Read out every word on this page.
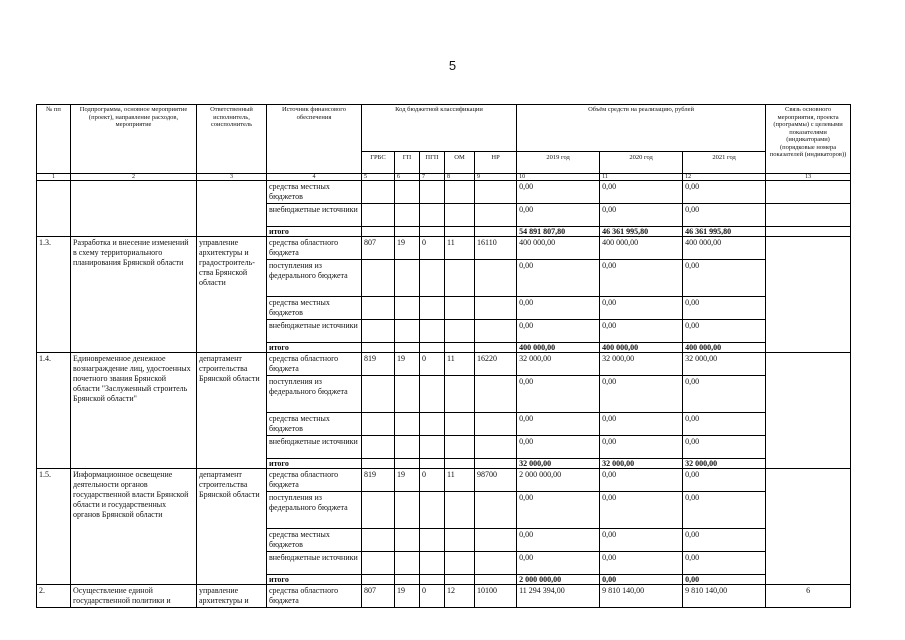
5
№ пп	Подпрограмма, основное мероприятие (проект), направление расходов, мероприятие	Ответственный исполнитель, соисполнитель	Источник финансового обеспечения	Код бюджетной классификации					Объём средств на реализацию, рублей			Связь основного мероприятия, проекта (программы) с целевыми показателями (индикаторами) (порядковые номера показателей (индикаторов))
				ГРБС	ГП	ПГП	ОМ	НР	2019 год	2020 год	2021 год	
1	2	3	4	5	6	7	8	9	10	11	12	13
			средства местных бюджетов						0,00	0,00	0,00	
			внебюджетные источники						0,00	0,00	0,00	
			итого						54 891 807,80	46 361 995,80	46 361 995,80	
1.3.	Разработка и внесение изменений в схему территориального планирования Брянской области	управление архитектуры и градостроитель-ства Брянской области	средства областного бюджета	807	19	0	11	16110	400 000,00	400 000,00	400 000,00	
			поступления из федерального бюджета						0,00	0,00	0,00	
			средства местных бюджетов						0,00	0,00	0,00	
			внебюджетные источники						0,00	0,00	0,00	
			итого						400 000,00	400 000,00	400 000,00	
1.4.	Единовременное денежное вознаграждение лиц, удостоенных почетного звания Брянской области "Заслуженный строитель Брянской области"	департамент строительства Брянской области	средства областного бюджета	819	19	0	11	16220	32 000,00	32 000,00	32 000,00	
			поступления из федерального бюджета						0,00	0,00	0,00	
			средства местных бюджетов						0,00	0,00	0,00	
			внебюджетные источники						0,00	0,00	0,00	
			итого						32 000,00	32 000,00	32 000,00	
1.5.	Информационное освещение деятельности органов государственной власти Брянской области и государственных органов Брянской области	департамент строительства Брянской области	средства областного бюджета	819	19	0	11	98700	2 000 000,00	0,00	0,00	
			поступления из федерального бюджета						0,00	0,00	0,00	
			средства местных бюджетов						0,00	0,00	0,00	
			внебюджетные источники						0,00	0,00	0,00	
			итого						2 000 000,00	0,00	0,00	
2.	Осуществление единой государственной политики и	управление архитектуры и	средства областного бюджета	807	19	0	12	10100	11 294 394,00	9 810 140,00	9 810 140,00	6
